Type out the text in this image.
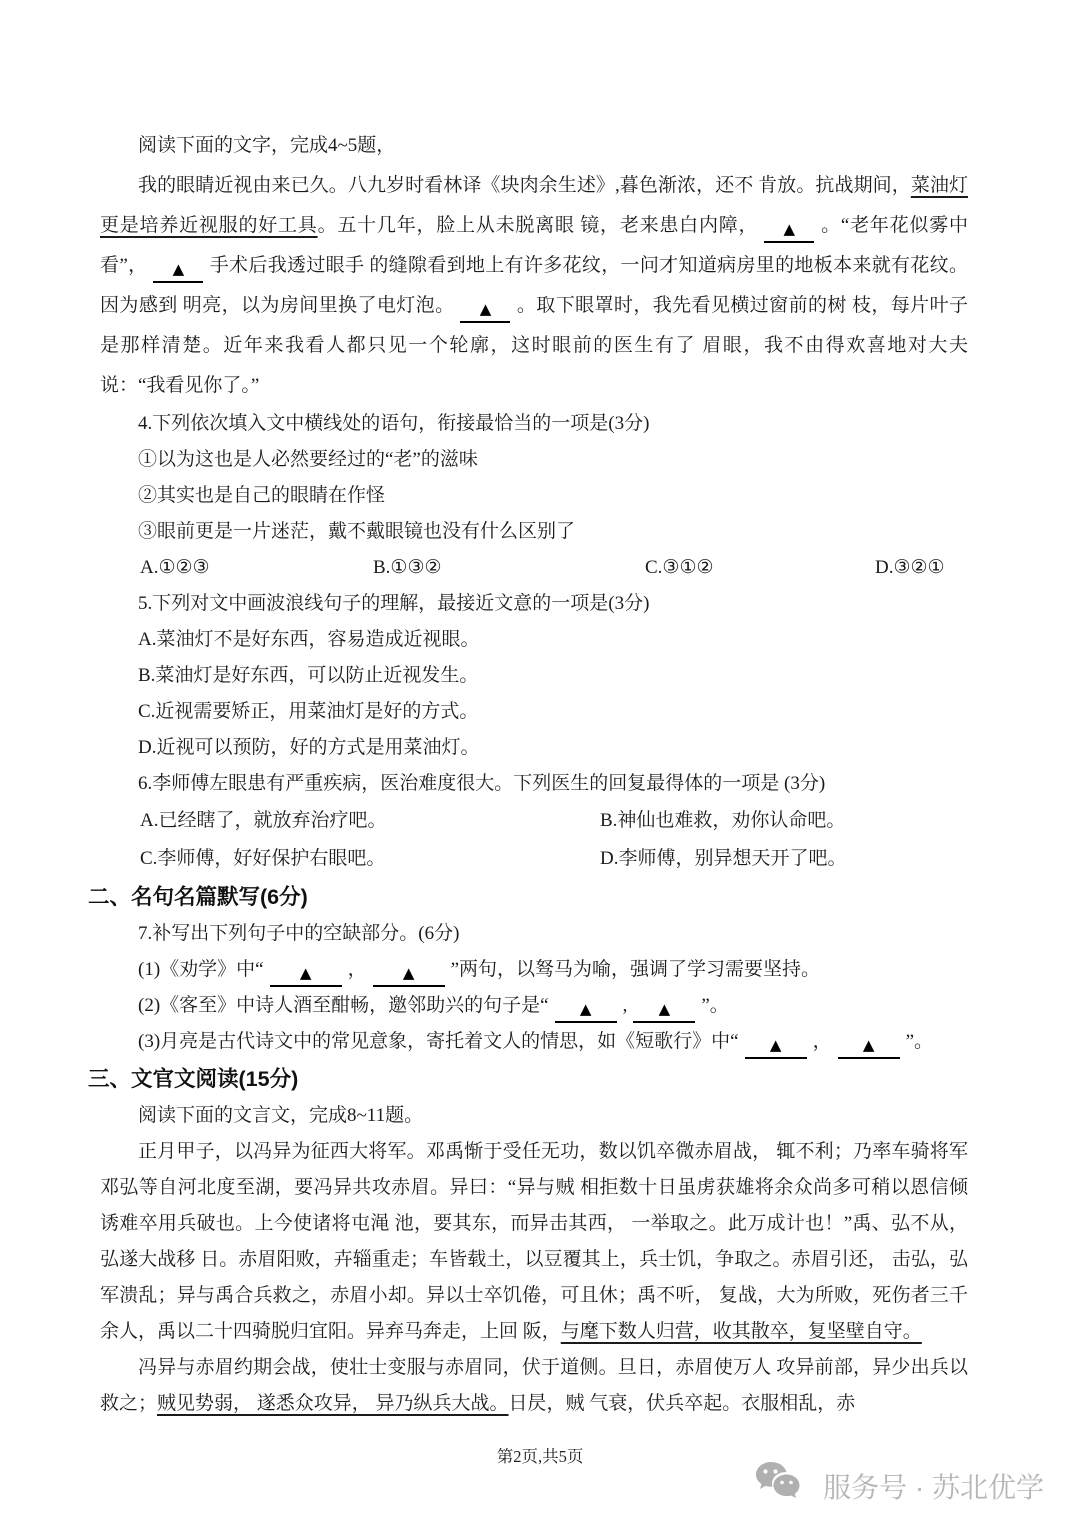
阅读下面的文字，完成4~5题，
我的眼睛近视由来已久。八九岁时看林译《块肉余生述》,暮色渐浓，还不 肯放。抗战期间，菜油灯更是培养近视服的好工具。五十几年，脸上从未脱离眼 镜，老来患白内障， ▲ 。“老年花似雾中看”， ▲ 手术后我透过眼手 的缝隙看到地上有许多花纹，一问才知道病房里的地板本来就有花纹。因为感到 明亮，以为房间里换了电灯泡。 ▲ 。取下眼罩时，我先看见横过窗前的树 枝，每片叶子是那样清楚。近年来我看人都只见一个轮廓，这时眼前的医生有了 眉眼，我不由得欢喜地对大夫说：“我看见你了。”
4.下列依次填入文中横线处的语句，衔接最恰当的一项是(3分)
①以为这也是人必然要经过的“老”的滋味
②其实也是自己的眼睛在作怪
③眼前更是一片迷茫，戴不戴眼镜也没有什么区别了
A.①②③	B.①③②	C.③①②	D.③②①
5.下列对文中画波浪线句子的理解，最接近文意的一项是(3分)
A.菜油灯不是好东西，容易造成近视眼。
B.菜油灯是好东西，可以防止近视发生。
C.近视需要矫正，用菜油灯是好的方式。
D.近视可以预防，好的方式是用菜油灯。
6.李师傅左眼患有严重疾病，医治难度很大。下列医生的回复最得体的一项是 (3分)
A.已经瞎了，就放弃治疗吧。	B.神仙也难救，劝你认命吧。
C.李师傅，好好保护右眼吧。	D.李师傅，别异想天开了吧。
二、名句名篇默写(6分)
7.补写出下列句子中的空缺部分。(6分)
(1)《劝学》中“ ▲ ， ▲ ”两句，以驽马为喻，强调了学习需要坚持。
(2)《客至》中诗人酒至酣畅，邀邻助兴的句子是“ ▲ , ▲ ”。
(3)月亮是古代诗文中的常见意象，寄托着文人的情思，如《短歌行》中“ ▲ ， ▲ ”。
三、文官文阅读(15分)
阅读下面的文言文，完成8~11题。
正月甲子，以冯异为征西大将军。邓禹惭于受任无功，数以饥卒微赤眉战， 辄不利；乃率车骑将军邓弘等自河北度至湖，要冯异共攻赤眉。异曰：“异与贼 相拒数十日虽虏获雄将余众尚多可稍以恩信倾诱难卒用兵破也。上今使诸将屯渑 池，要其东，而异击其西， 一举取之。此万成计也！”禹、弘不从，弘遂大战移 日。赤眉阳败，卉辎重走；车皆载土，以豆覆其上，兵士饥，争取之。赤眉引还， 击弘，弘军溃乱；异与禹合兵救之，赤眉小却。异以士卒饥倦，可且休；禹不听， 复战，大为所败，死伤者三千余人，禹以二十四骑脱归宜阳。异弃马奔走，上回 阪，与麾下数人归营，收其散卒，复坚壁自守。
冯异与赤眉约期会战，使壮士变服与赤眉同，伏于道侧。旦日，赤眉使万人 攻异前部，异少出兵以救之；贼见势弱， 遂悉众攻异， 异乃纵兵大战。日昃，贼 气衰，伏兵卒起。衣服相乱，赤
第2页,共5页
服务号 · 苏北优学
